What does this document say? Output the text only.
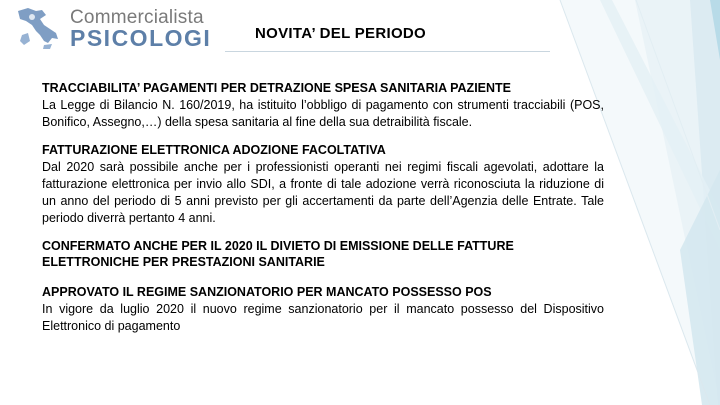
Commercialista
PSICOLOGI	NOVITA’ DEL PERIODO

TRACCIABILITA’ PAGAMENTI PER DETRAZIONE SPESA SANITARIA PAZIENTE

La Legge di Bilancio N. 160/2019, ha istituito l’obbligo di pagamento con strumenti tracciabili (POS, Bonifico, Assegno,…) della spesa sanitaria al fine della sua detraibilità fiscale.

FATTURAZIONE ELETTRONICA ADOZIONE FACOLTATIVA

Dal 2020 sarà possibile anche per i professionisti operanti nei regimi fiscali agevolati, adottare la fatturazione elettronica per invio allo SDI, a fronte di tale adozione verrà riconosciuta la riduzione di un anno del periodo di 5 anni previsto per gli accertamenti da parte dell’Agenzia delle Entrate. Tale periodo diverrà pertanto 4 anni.

CONFERMATO ANCHE PER IL 2020 IL DIVIETO DI EMISSIONE DELLE FATTURE ELETTRONICHE PER PRESTAZIONI SANITARIE

APPROVATO IL REGIME SANZIONATORIO PER MANCATO POSSESSO POS

In vigore da luglio 2020 il nuovo regime sanzionatorio per il mancato possesso del Dispositivo Elettronico di pagamento
